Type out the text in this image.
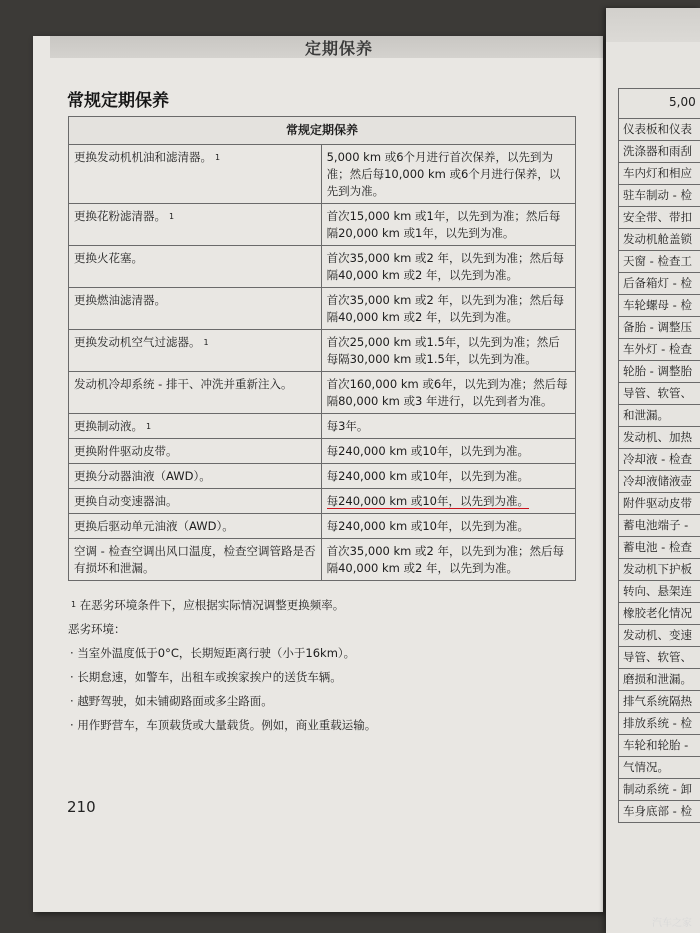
定期保养
常规定期保养
常规定期保养	
更换发动机机油和滤清器。 $^1$	5,000 km 或6个月进行首次保养，以先到为准；然后每10,000 km 或6个月进行保养，以先到为准。
更换花粉滤清器。 $^1$	首次15,000 km 或1年，以先到为准；然后每隔20,000 km 或1年，以先到为准。
更换火花塞。	首次35,000 km 或2 年，以先到为准；然后每隔40,000 km 或2 年，以先到为准。
更换燃油滤清器。	首次35,000 km 或2 年，以先到为准；然后每隔40,000 km 或2 年，以先到为准。
更换发动机空气过滤器。 $^1$	首次25,000 km 或1.5年，以先到为准；然后每隔30,000 km 或1.5年，以先到为准。
发动机冷却系统 - 排干、冲洗并重新注入。	首次160,000 km 或6年，以先到为准；然后每隔80,000 km 或3 年进行，以先到者为准。
更换制动液。 $^1$	每3年。
更换附件驱动皮带。	每240,000 km 或10年，以先到为准。
更换分动器油液（AWD）。	每240,000 km 或10年，以先到为准。
更换自动变速器油。	每240,000 km 或10年，以先到为准。
更换后驱动单元油液（AWD）。	每240,000 km 或10年，以先到为准。
空调 - 检查空调出风口温度，检查空调管路是否有损坏和泄漏。	首次35,000 km 或2 年，以先到为准；然后每隔40,000 km 或2 年，以先到为准。
$^1$ 在恶劣环境条件下，应根据实际情况调整更换频率。
恶劣环境：
· 当室外温度低于0°C，长期短距离行驶（小于16km）。
· 长期怠速，如警车，出租车或挨家挨户的送货车辆。
· 越野驾驶，如未铺砌路面或多尘路面。
· 用作野营车，车顶载货或大量载货。例如，商业重载运输。
210
5,00
仪表板和仪表
洗涤器和雨刮
车内灯和相应
驻车制动 - 检
安全带、带扣
发动机舱盖锁
天窗 - 检查工
后备箱灯 - 检
车轮螺母 - 检
备胎 - 调整压
车外灯 - 检查
轮胎 - 调整胎
导管、软管、
和泄漏。
发动机、加热
冷却液 - 检查
冷却液储液壶
附件驱动皮带
蓄电池端子 -
蓄电池 - 检查
发动机下护板
转向、悬架连
橡胶老化情况
发动机、变速
导管、软管、
磨损和泄漏。
排气系统隔热
排放系统 - 检
车轮和轮胎 -
气情况。
制动系统 - 卸
车身底部 - 检
汽车之家
